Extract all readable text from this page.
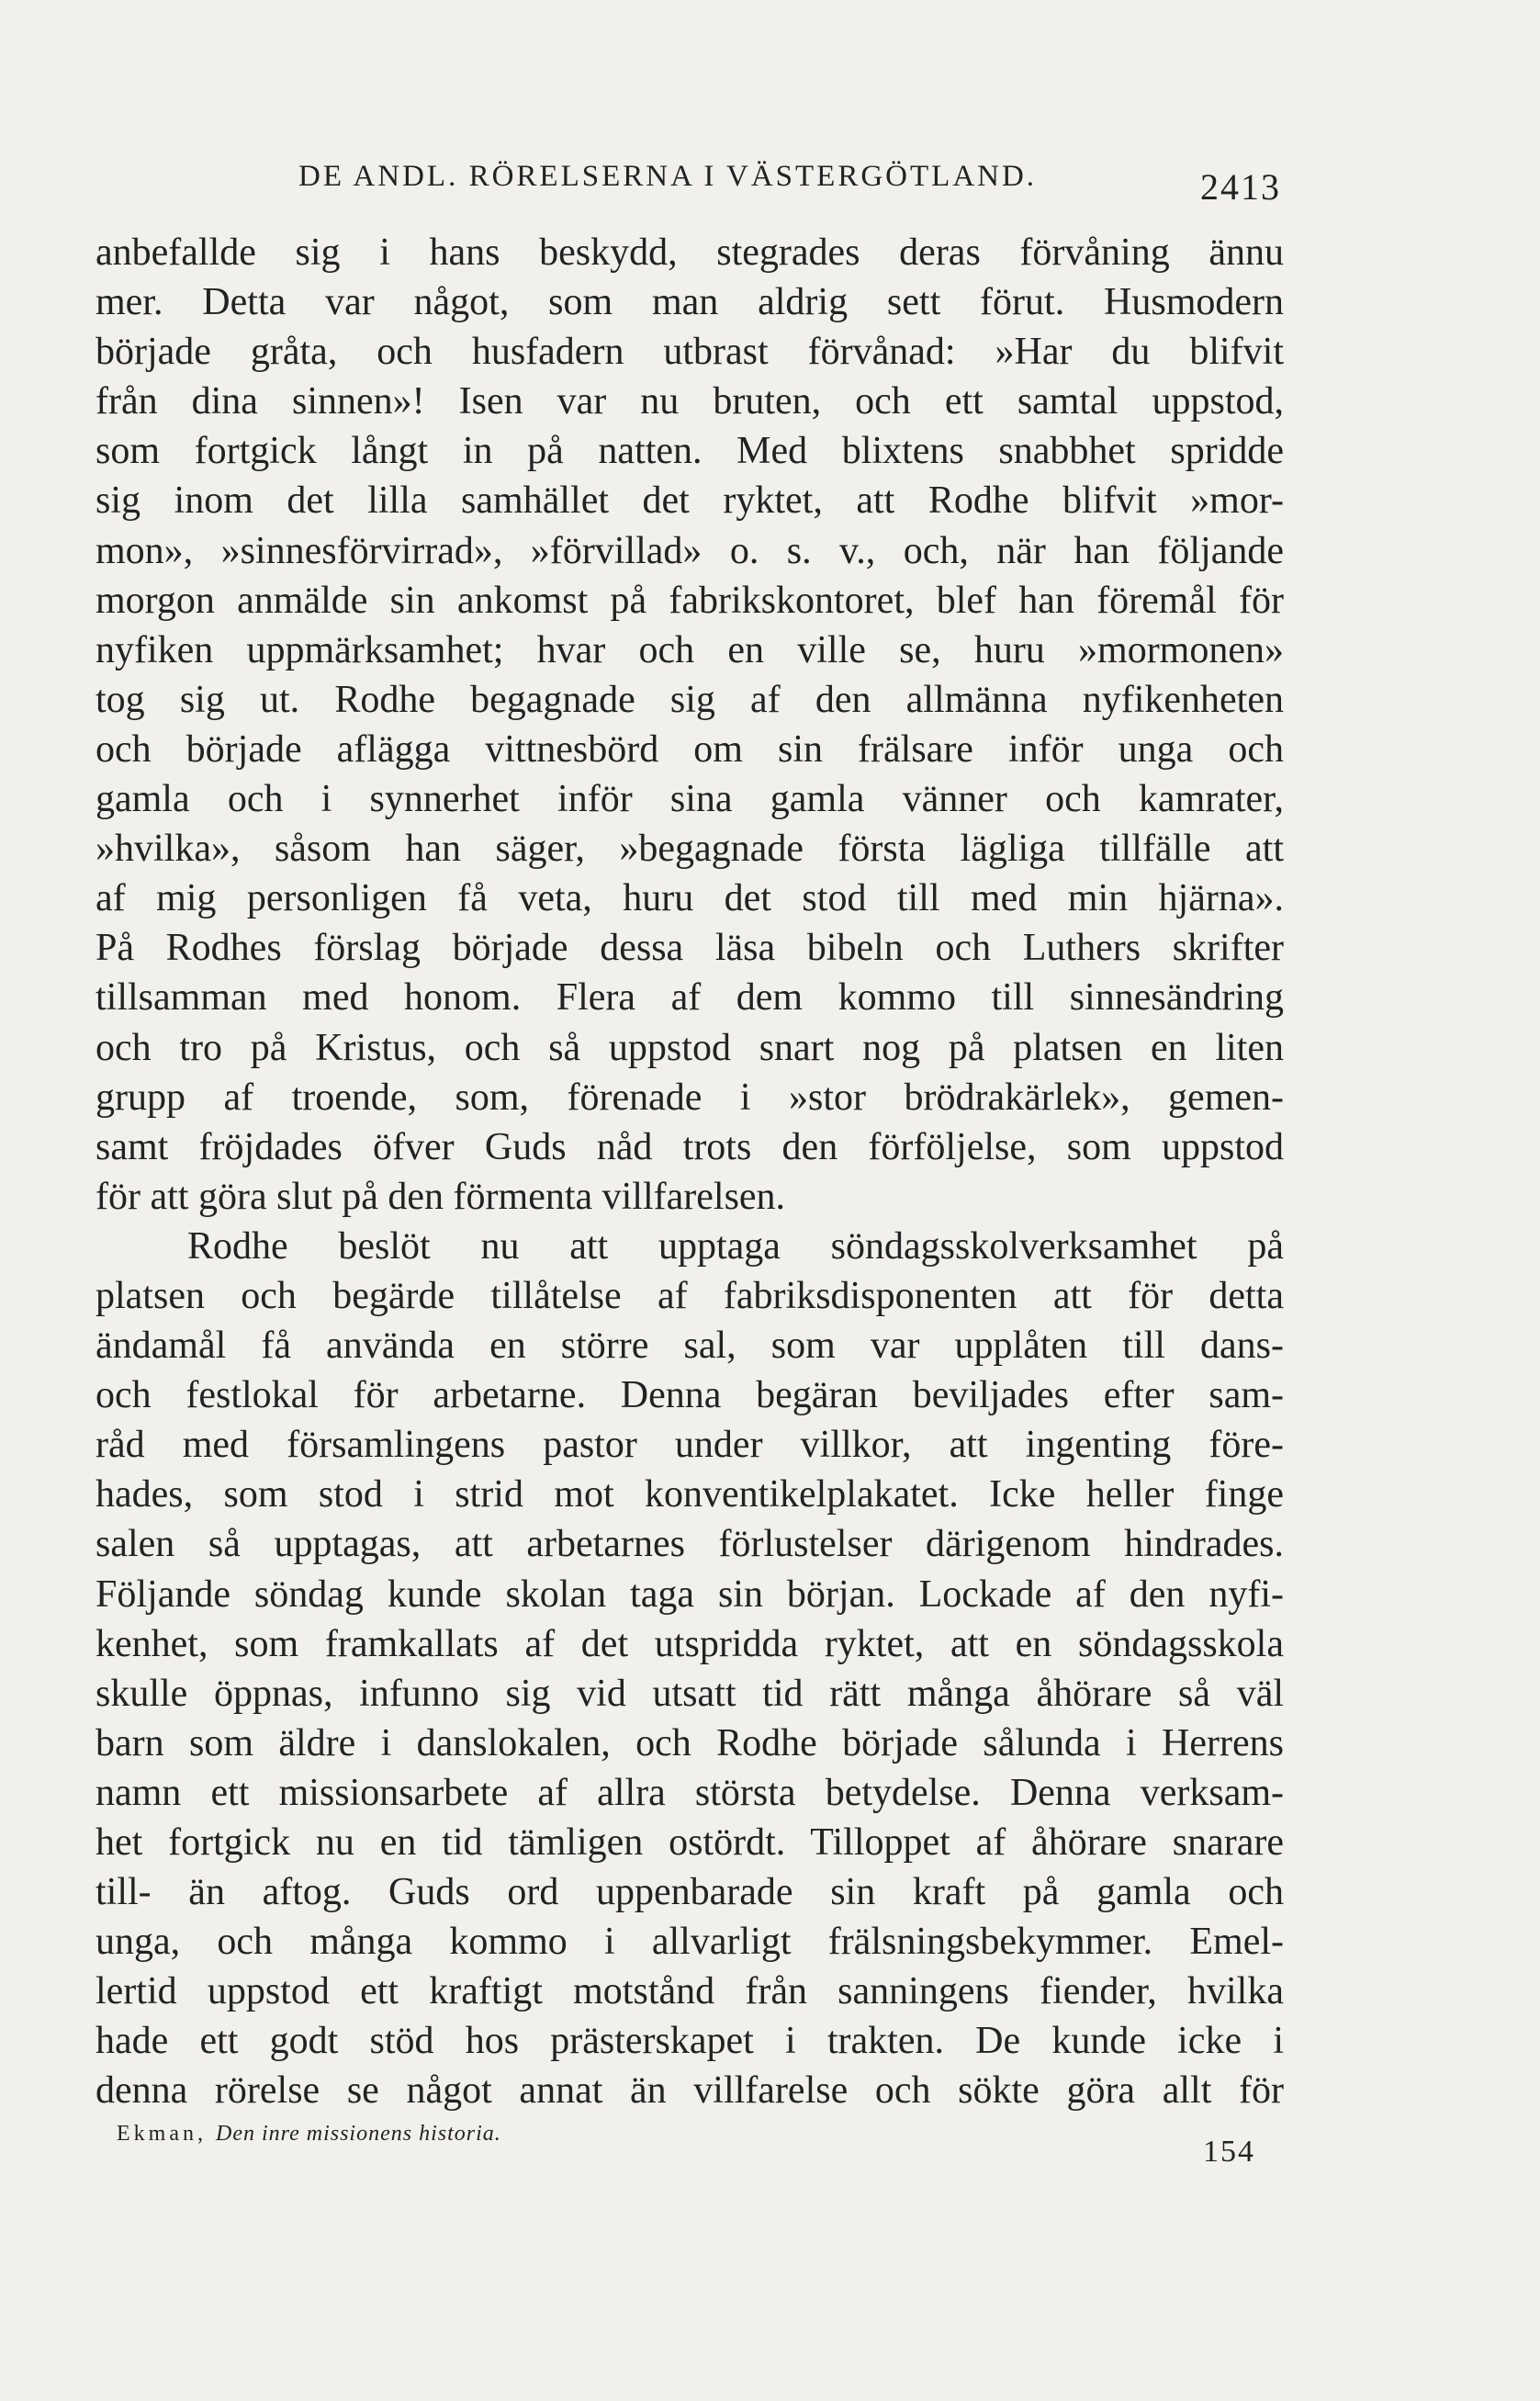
DE ANDL. RÖRELSERNA I VÄSTERGÖTLAND.	2413
anbefallde sig i hans beskydd, stegrades deras förvåning ännu
mer. Detta var något, som man aldrig sett förut. Husmodern
började gråta, och husfadern utbrast förvånad: »Har du blifvit
från dina sinnen»! Isen var nu bruten, och ett samtal uppstod,
som fortgick långt in på natten. Med blixtens snabbhet spridde
sig inom det lilla samhället det ryktet, att Rodhe blifvit »mor-
mon», »sinnesförvirrad», »förvillad» o. s. v., och, när han följande
morgon anmälde sin ankomst på fabrikskontoret, blef han föremål för
nyfiken uppmärksamhet; hvar och en ville se, huru »mormonen»
tog sig ut. Rodhe begagnade sig af den allmänna nyfikenheten
och började aflägga vittnesbörd om sin frälsare inför unga och
gamla och i synnerhet inför sina gamla vänner och kamrater,
»hvilka», såsom han säger, »begagnade första lägliga tillfälle att
af mig personligen få veta, huru det stod till med min hjärna».
På Rodhes förslag började dessa läsa bibeln och Luthers skrifter
tillsamman med honom. Flera af dem kommo till sinnesändring
och tro på Kristus, och så uppstod snart nog på platsen en liten
grupp af troende, som, förenade i »stor brödrakärlek», gemen-
samt fröjdades öfver Guds nåd trots den förföljelse, som uppstod
för att göra slut på den förmenta villfarelsen.
Rodhe beslöt nu att upptaga söndagsskolverksamhet på
platsen och begärde tillåtelse af fabriksdisponenten att för detta
ändamål få använda en större sal, som var upplåten till dans-
och festlokal för arbetarne. Denna begäran beviljades efter sam-
råd med församlingens pastor under villkor, att ingenting före-
hades, som stod i strid mot konventikelplakatet. Icke heller finge
salen så upptagas, att arbetarnes förlustelser därigenom hindrades.
Följande söndag kunde skolan taga sin början. Lockade af den nyfi-
kenhet, som framkallats af det utspridda ryktet, att en söndagsskola
skulle öppnas, infunno sig vid utsatt tid rätt många åhörare så väl
barn som äldre i danslokalen, och Rodhe började sålunda i Herrens
namn ett missionsarbete af allra största betydelse. Denna verksam-
het fortgick nu en tid tämligen ostördt. Tilloppet af åhörare snarare
till- än aftog. Guds ord uppenbarade sin kraft på gamla och
unga, och många kommo i allvarligt frälsningsbekymmer. Emel-
lertid uppstod ett kraftigt motstånd från sanningens fiender, hvilka
hade ett godt stöd hos prästerskapet i trakten. De kunde icke i
denna rörelse se något annat än villfarelse och sökte göra allt för
Ekman, Den inre missionens historia.
154
